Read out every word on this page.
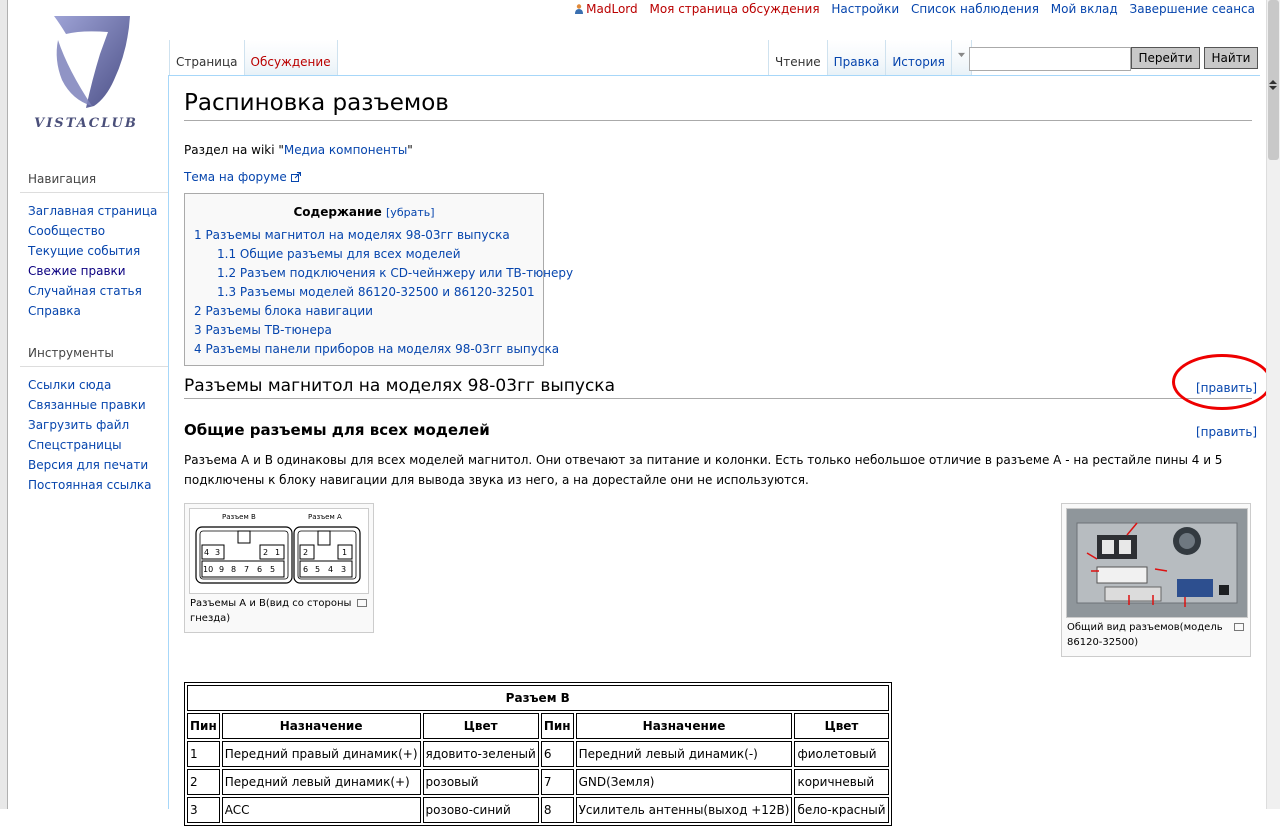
VISTACLUB
Навигация
Заглавная страница
Сообщество
Текущие события
Свежие правки
Случайная статья
Справка
Инструменты
Ссылки сюда
Связанные правки
Загрузить файл
Спецстраницы
Версия для печати
Постоянная ссылка
MadLord Моя страница обсуждения Настройки Список наблюдения Мой вклад Завершение сеанса
Страница Обсуждение	Чтение Правка История	Перейти	Найти
Распиновка разъемов
Раздел на wiki "Медиа компоненты"
Тема на форуме
Содержание [убрать]
1 Разъемы магнитол на моделях 98-03гг выпуска
1.1 Общие разъемы для всех моделей
1.2 Разъем подключения к CD-чейнжеру или ТВ-тюнеру
1.3 Разъемы моделей 86120-32500 и 86120-32501
2 Разъемы блока навигации
3 Разъемы ТВ-тюнера
4 Разъемы панели приборов на моделях 98-03гг выпуска
Разъемы магнитол на моделях 98-03гг выпуска	[править]
Общие разъемы для всех моделей	[править]
Разъема А и В одинаковы для всех моделей магнитол. Они отвечают за питание и колонки. Есть только небольшое отличие в разъеме А - на рестайле пины 4 и 5 подключены к блоку навигации для вывода звука из него, а на дорестайле они не используются.
Разъем B	Разъем A
4 3	2 1
10 9 8 7 6 5
2	1
6 5 4 3
Разъемы А и В(вид со стороны гнезда)
Общий вид разъемов(модель 86120-32500)
Разъем В					
Пин	Назначение	Цвет	Пин	Назначение	Цвет
1	Передний правый динамик(+)	ядовито-зеленый	6	Передний левый динамик(-)	фиолетовый
2	Передний левый динамик(+)	розовый	7	GND(Земля)	коричневый
3	ACC	розово-синий	8	Усилитель антенны(выход +12В)	бело-красный
